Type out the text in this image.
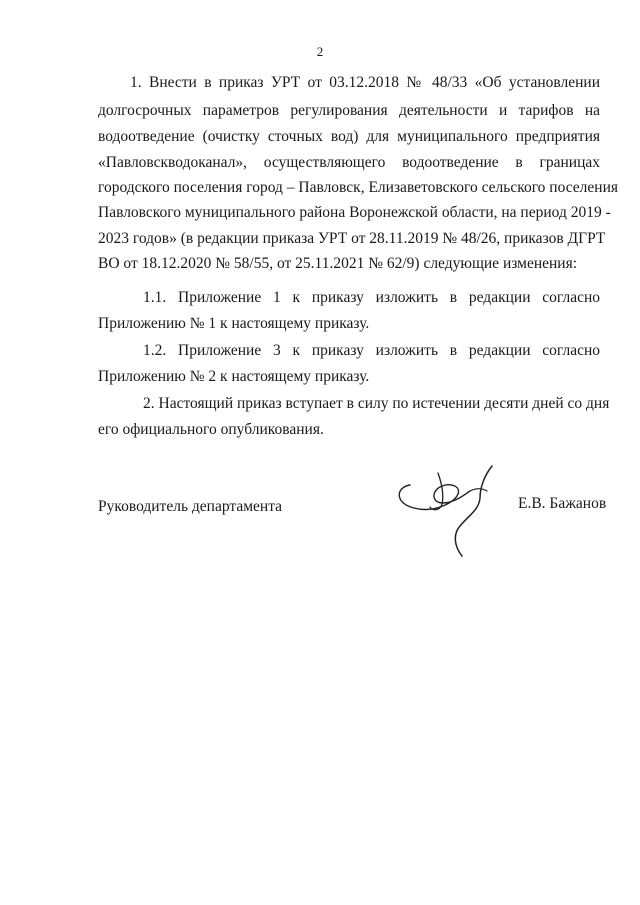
2
1. Внести в приказ УРТ от 03.12.2018 № 48/33 «Об установлении
долгосрочных параметров регулирования деятельности и тарифов на
водоотведение (очистку сточных вод) для муниципального предприятия
«Павловскводоканал», осуществляющего водоотведение в границах
городского поселения город – Павловск, Елизаветовского сельского поселения
Павловского муниципального района Воронежской области, на период 2019 -
2023 годов» (в редакции приказа УРТ от 28.11.2019 № 48/26, приказов ДГРТ
ВО от 18.12.2020 № 58/55, от 25.11.2021 № 62/9) следующие изменения:
1.1. Приложение 1 к приказу изложить в редакции согласно
Приложению № 1 к настоящему приказу.
1.2. Приложение 3 к приказу изложить в редакции согласно
Приложению № 2 к настоящему приказу.
2. Настоящий приказ вступает в силу по истечении десяти дней со дня
его официального опубликования.
Руководитель департамента	Е.В. Бажанов
